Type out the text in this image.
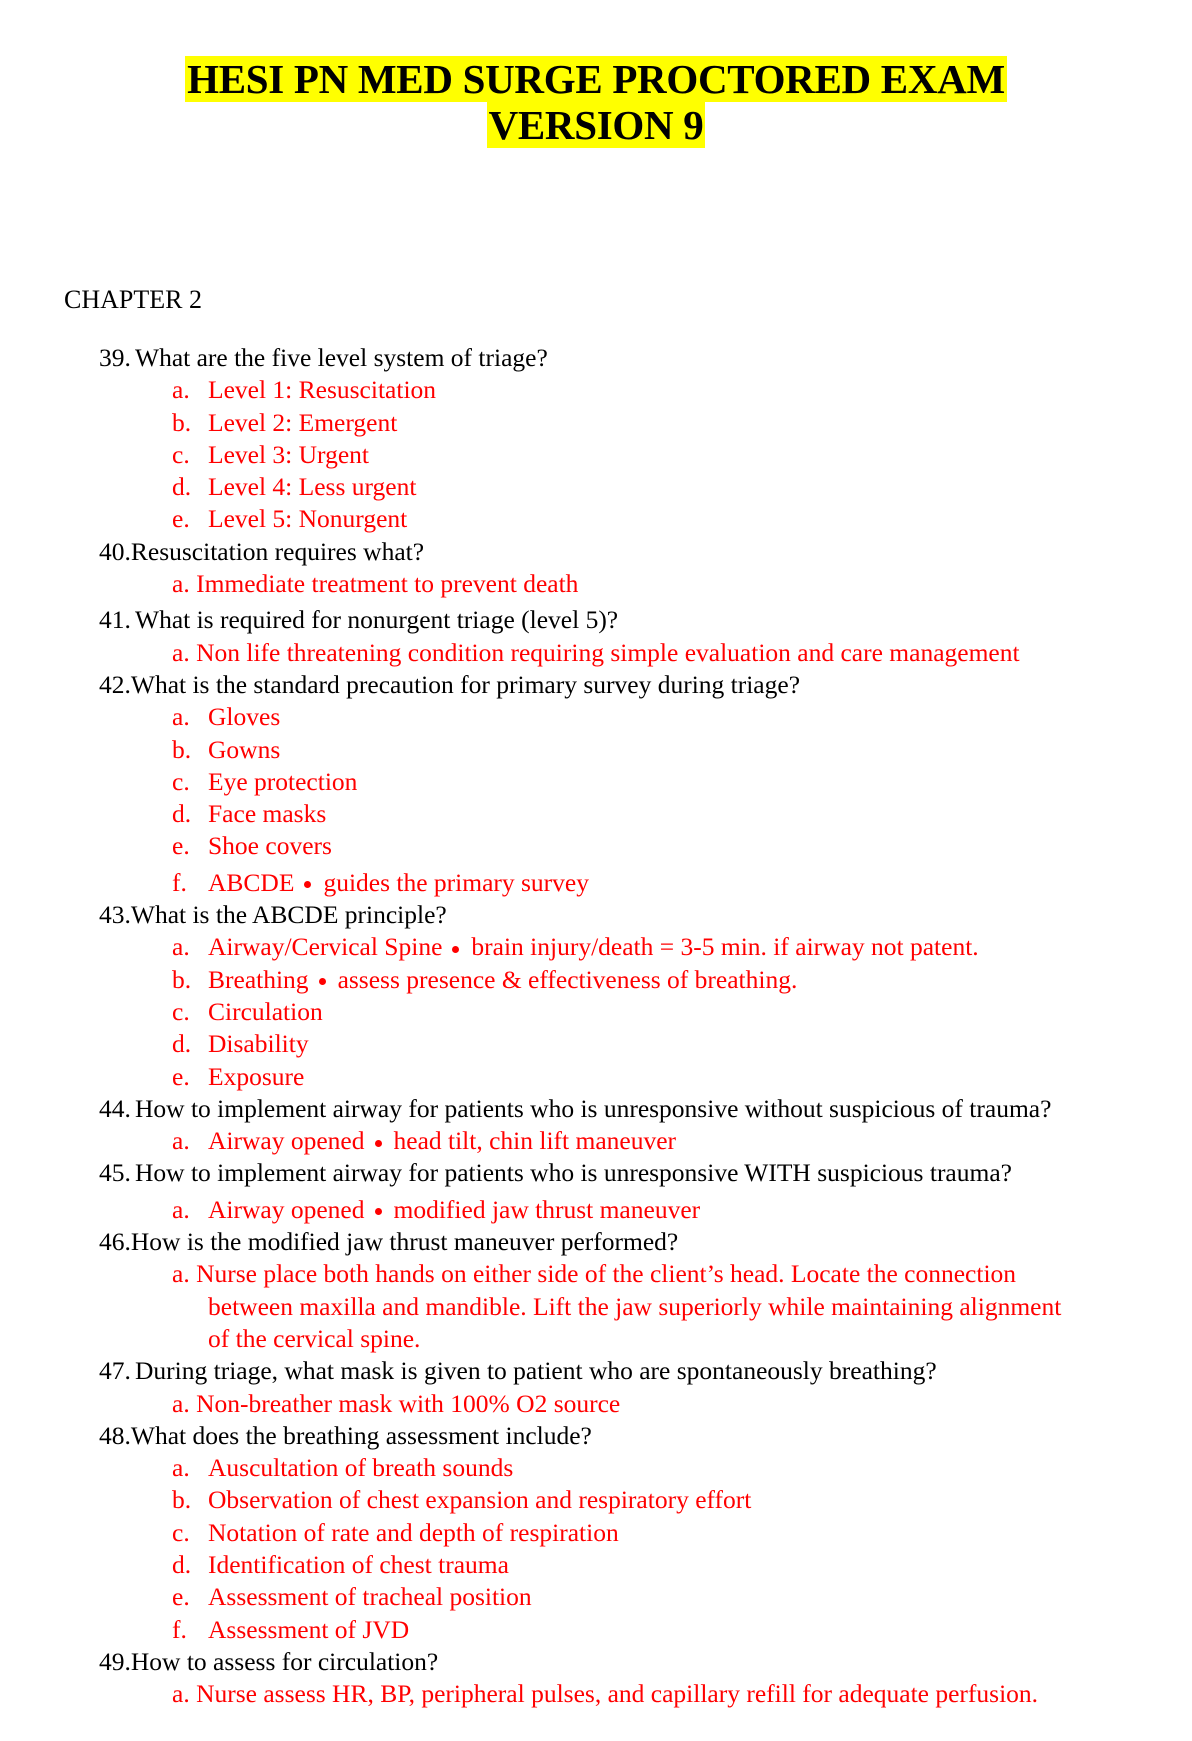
HESI PN MED SURGE PROCTORED EXAM
VERSION 9
CHAPTER 2
39. What are the five level system of triage?
a. Level 1: Resuscitation
b. Level 2: Emergent
c. Level 3: Urgent
d. Level 4: Less urgent
e. Level 5: Nonurgent
40.Resuscitation requires what?
a. Immediate treatment to prevent death
41. What is required for nonurgent triage (level 5)?
a. Non life threatening condition requiring simple evaluation and care management
42.What is the standard precaution for primary survey during triage?
a. Gloves
b. Gowns
c. Eye protection
d. Face masks
e. Shoe covers
f. ABCDE guides the primary survey
43.What is the ABCDE principle?
a. Airway/Cervical Spine brain injury/death = 3-5 min. if airway not patent.
b. Breathing assess presence & effectiveness of breathing.
c. Circulation
d. Disability
e. Exposure
44. How to implement airway for patients who is unresponsive without suspicious of trauma?
a. Airway opened head tilt, chin lift maneuver
45. How to implement airway for patients who is unresponsive WITH suspicious trauma?
a. Airway opened modified jaw thrust maneuver
46.How is the modified jaw thrust maneuver performed?
a. Nurse place both hands on either side of the client’s head. Locate the connection
between maxilla and mandible. Lift the jaw superiorly while maintaining alignment
of the cervical spine.
47. During triage, what mask is given to patient who are spontaneously breathing?
a. Non-breather mask with 100% O2 source
48.What does the breathing assessment include?
a. Auscultation of breath sounds
b. Observation of chest expansion and respiratory effort
c. Notation of rate and depth of respiration
d. Identification of chest trauma
e. Assessment of tracheal position
f. Assessment of JVD
49.How to assess for circulation?
a. Nurse assess HR, BP, peripheral pulses, and capillary refill for adequate perfusion.
